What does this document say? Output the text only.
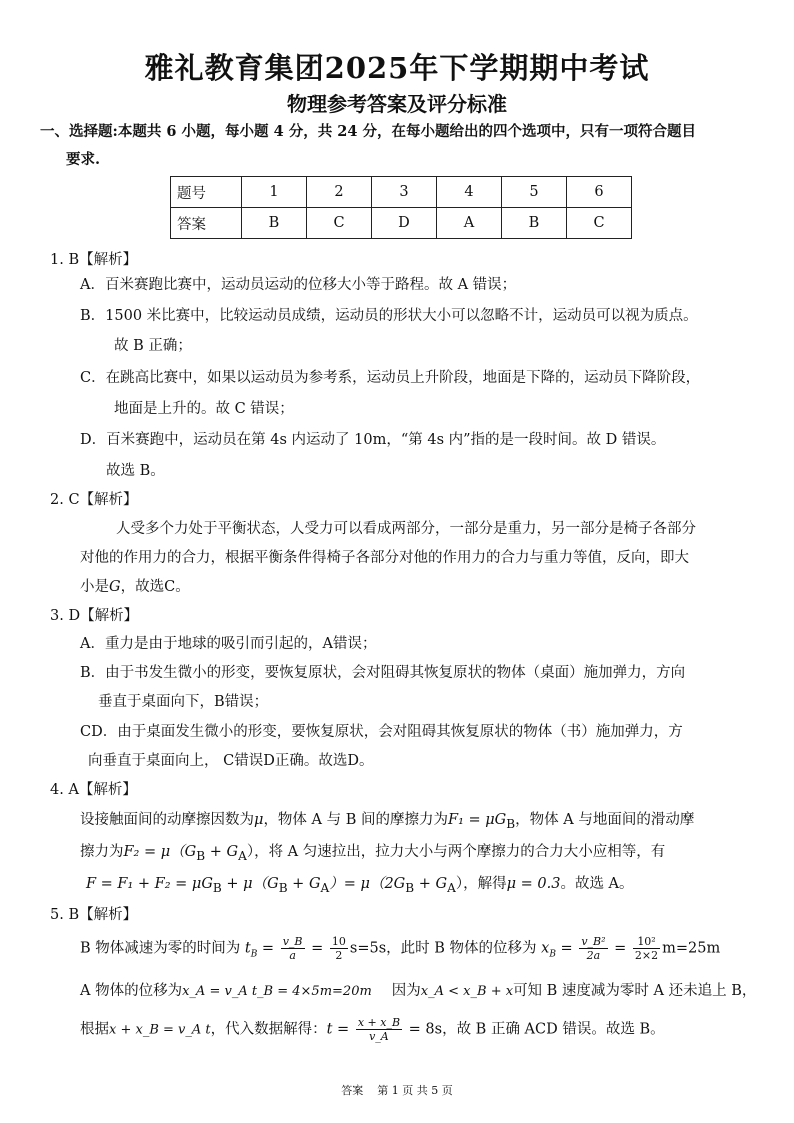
雅礼教育集团2025年下学期期中考试
物理参考答案及评分标准
一、选择题:本题共 6 小题，每小题 4 分，共 24 分，在每小题给出的四个选项中，只有一项符合题目
要求.
题号	1	2	3	4	5	6
答案	B	C	D	A	B	C
1. B【解析】
A．百米赛跑比赛中，运动员运动的位移大小等于路程。故 A 错误；
B．1500 米比赛中，比较运动员成绩，运动员的形状大小可以忽略不计，运动员可以视为质点。
故 B 正确；
C．在跳高比赛中，如果以运动员为参考系，运动员上升阶段，地面是下降的，运动员下降阶段，
地面是上升的。故 C 错误；
D．百米赛跑中，运动员在第 4s 内运动了 10m，“第 4s 内”指的是一段时间。故 D 错误。
故选 B。
2. C【解析】
人受多个力处于平衡状态，人受力可以看成两部分，一部分是重力，另一部分是椅子各部分
对他的作用力的合力，根据平衡条件得椅子各部分对他的作用力的合力与重力等值，反向，即大
小是G，故选C。
3. D【解析】
A．重力是由于地球的吸引而引起的，A错误；
B．由于书发生微小的形变，要恢复原状，会对阻碍其恢复原状的物体（桌面）施加弹力，方向
垂直于桌面向下，B错误；
CD．由于桌面发生微小的形变，要恢复原状，会对阻碍其恢复原状的物体（书）施加弹力，方
向垂直于桌面向上， C错误D正确。故选D。
4. A【解析】
设接触面间的动摩擦因数为μ，物体 A 与 B 间的摩擦力为$F_1 = \mu G_B$，物体 A 与地面间的滑动摩
擦力为$F_2 = \mu(G_B + G_A)$，将 A 匀速拉出，拉力大小与两个摩擦力的合力大小应相等，有
$F = F_1 + F_2 = \mu G_B + \mu(G_B + G_A)= \mu(2G_B + G_A)$，解得μ = 0.3。故选 A。
5. B【解析】
B 物体减速为零的时间为 $t_B = \frac{v\_B}{a} = \frac{10}{2} s=5s$，此时 B 物体的位移为 $x_B = \frac{\text{v\_B²}}{2a} = \frac{\text{10²}}{2\times 2} m=25m$
A 物体的位移为x_A = v_A t_B = 4×5m=20m 因为x_A < x_B + x可知 B 速度减为零时 A 还未追上 B，
根据x + x_B = v_A t，代入数据解得：$t = \frac{x + x\_B}{v\_A} = 8s$，故 B 正确 ACD 错误。故选 B。
答案    第 1 页 共 5 页
